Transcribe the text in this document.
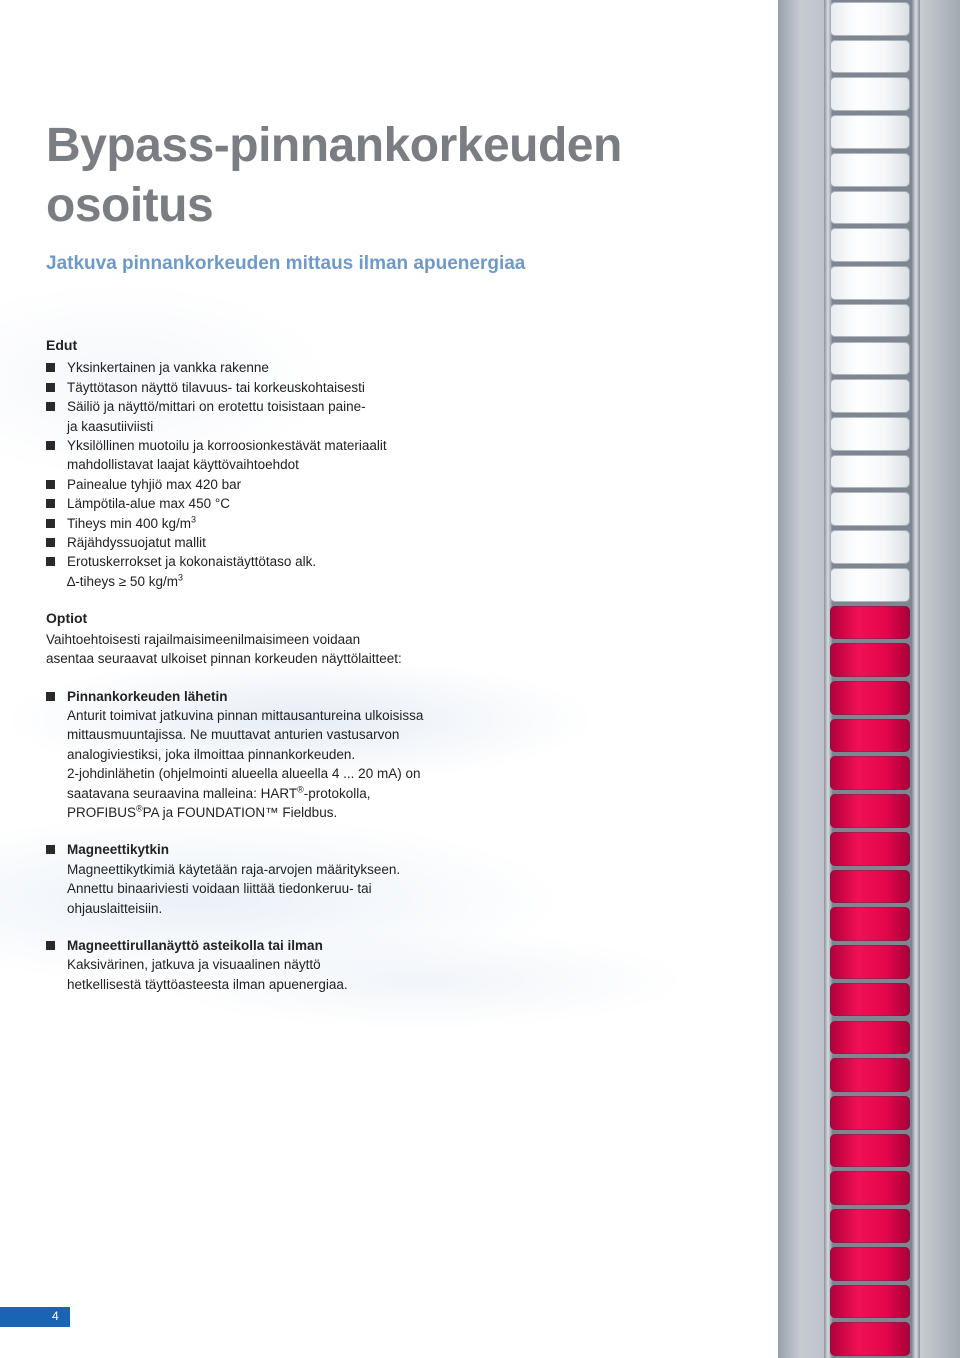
Bypass-pinnankorkeuden
osoitus

Jatkuva pinnankorkeuden mittaus ilman apuenergiaa

Edut

Yksinkertainen ja vankka rakenne
Täyttötason näyttö tilavuus- tai korkeuskohtaisesti
Säiliö ja näyttö/mittari on erotettu toisistaan paine-
ja kaasutiiviisti
Yksilöllinen muotoilu ja korroosionkestävät materiaalit
mahdollistavat laajat käyttövaihtoehdot
Painealue tyhjiö max 420 bar
Lämpötila-alue max 450 °C
Tiheys min 400 $kg/m^3$
Räjähdyssuojatut mallit
Erotuskerrokset ja kokonaistäyttötaso alk.
∆-tiheys ≥ 50 $kg/m^3$

Optiot

Vaihtoehtoisesti rajailmaisimeenilmaisimeen voidaan
asentaa seuraavat ulkoiset pinnan korkeuden näyttölaitteet:

Pinnankorkeuden lähetin

Anturit toimivat jatkuvina pinnan mittausantureina ulkoisissa
mittausmuuntajissa. Ne muuttavat anturien vastusarvon
analogiviestiksi, joka ilmoittaa pinnankorkeuden.
2-johdinlähetin (ohjelmointi alueella alueella 4 ... 20 mA) on
saatavana seuraavina malleina: HART®-protokolla,
PROFIBUS®PA ja FOUNDATION™ Fieldbus.

Magneettikytkin

Magneettikytkimiä käytetään raja-arvojen määritykseen.
Annettu binaariviesti voidaan liittää tiedonkeruu- tai
ohjauslaitteisiin.

Magneettirullanäyttö asteikolla tai ilman

Kaksivärinen, jatkuva ja visuaalinen näyttö
hetkellisestä täyttöasteesta ilman apuenergiaa.

4
